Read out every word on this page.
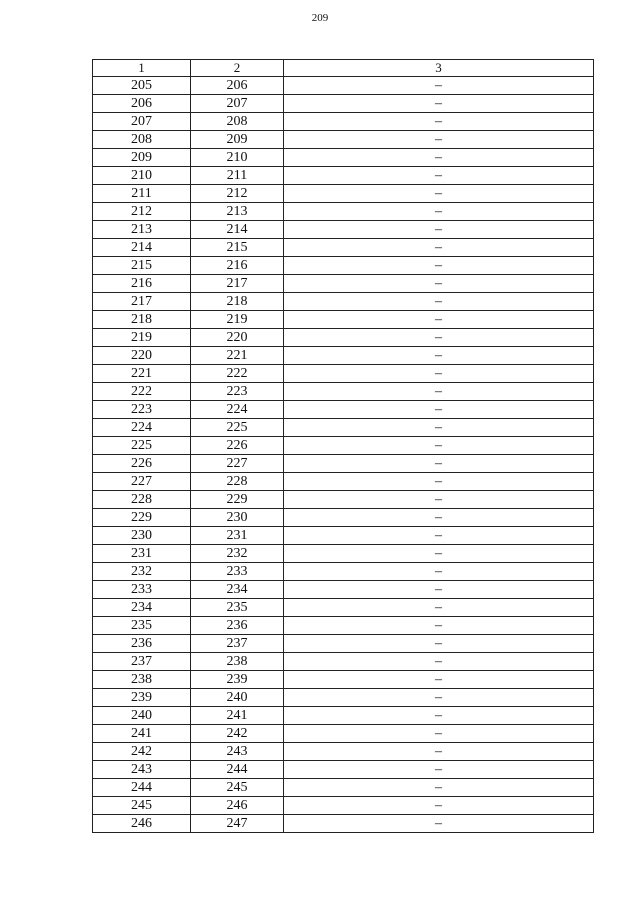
209
1	2	3
205	206	–
206	207	–
207	208	–
208	209	–
209	210	–
210	211	–
211	212	–
212	213	–
213	214	–
214	215	–
215	216	–
216	217	–
217	218	–
218	219	–
219	220	–
220	221	–
221	222	–
222	223	–
223	224	–
224	225	–
225	226	–
226	227	–
227	228	–
228	229	–
229	230	–
230	231	–
231	232	–
232	233	–
233	234	–
234	235	–
235	236	–
236	237	–
237	238	–
238	239	–
239	240	–
240	241	–
241	242	–
242	243	–
243	244	–
244	245	–
245	246	–
246	247	–
